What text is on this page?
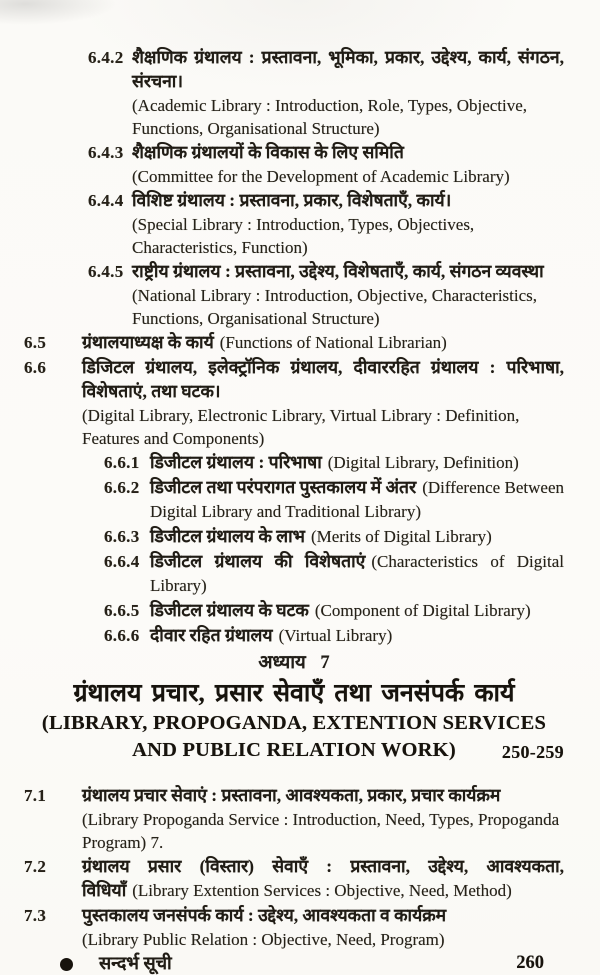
6.4.2 शैक्षणिक ग्रंथालय : प्रस्तावना, भूमिका, प्रकार, उद्देश्य, कार्य, संगठन, संरचना।
(Academic Library : Introduction, Role, Types, Objective, Functions, Organisational Structure)
6.4.3 शैक्षणिक ग्रंथालयों के विकास के लिए समिति
(Committee for the Development of Academic Library)
6.4.4 विशिष्ट ग्रंथालय : प्रस्तावना, प्रकार, विशेषताएँ, कार्य।
(Special Library : Introduction, Types, Objectives, Characteristics, Function)
6.4.5 राष्ट्रीय ग्रंथालय : प्रस्तावना, उद्देश्य, विशेषताएँ, कार्य, संगठन व्यवस्था
(National Library : Introduction, Objective, Characteristics, Functions, Organisational Structure)
6.5	ग्रंथालयाध्यक्ष के कार्य (Functions of National Librarian)
6.6	डिजिटल ग्रंथालय, इलेक्ट्रॉनिक ग्रंथालय, दीवाररहित ग्रंथालय : परिभाषा, विशेषताएं, तथा घटक।
(Digital Library, Electronic Library, Virtual Library : Definition, Features and Components)
6.6.1 डिजीटल ग्रंथालय : परिभाषा (Digital Library, Definition)
6.6.2 डिजीटल तथा परंपरागत पुस्तकालय में अंतर (Difference Between Digital Library and Traditional Library)
6.6.3 डिजीटल ग्रंथालय के लाभ (Merits of Digital Library)
6.6.4 डिजीटल ग्रंथालय की विशेषताएं (Characteristics of Digital Library)
6.6.5 डिजीटल ग्रंथालय के घटक (Component of Digital Library)
6.6.6 दीवार रहित ग्रंथालय (Virtual Library)
अध्याय 7
ग्रंथालय प्रचार, प्रसार सेवाएँ तथा जनसंपर्क कार्य
(LIBRARY, PROPOGANDA, EXTENTION SERVICES
AND PUBLIC RELATION WORK)	250-259
7.1	ग्रंथालय प्रचार सेवाएं : प्रस्तावना, आवश्यकता, प्रकार, प्रचार कार्यक्रम
(Library Propoganda Service : Introduction, Need, Types, Propoganda Program) 7.
7.2	ग्रंथालय प्रसार (विस्तार) सेवाएँ : प्रस्तावना, उद्देश्य, आवश्यकता, विधियाँ (Library Extention Services : Objective, Need, Method)
7.3	पुस्तकालय जनसंपर्क कार्य : उद्देश्य, आवश्यकता व कार्यक्रम
(Library Public Relation : Objective, Need, Program)
सन्दर्भ सूची	260
